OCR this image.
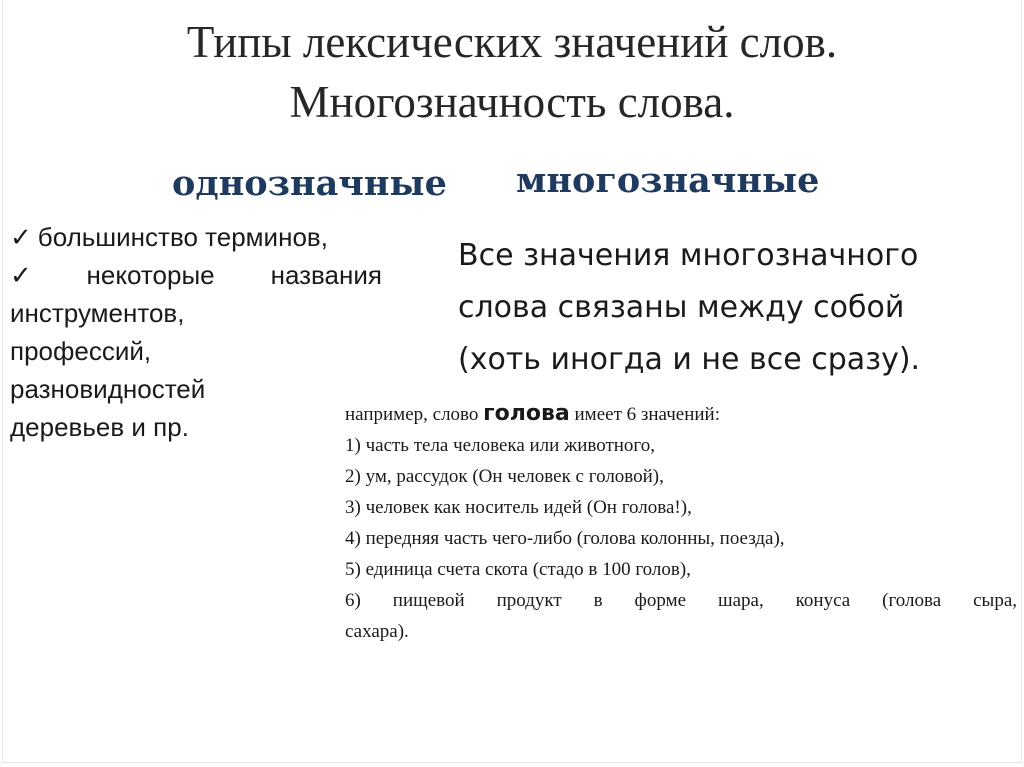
Типы лексических значений слов.
Многозначность слова.
однозначные многозначные

✓ большинство терминов,

✓ некоторые названия

инструментов,

профессий,

разновидностей

деревьев и пр.

Все значения многозначного слова связаны между собой (хоть иногда и не все сразу).

например, слово голова имеет 6 значений:

1) часть тела человека или животного,

2) ум, рассудок (Он человек с головой),

3) человек как носитель идей (Он голова!),

4) передняя часть чего-либо (голова колонны, поезда),

5) единица счета скота (стадо в 100 голов),

6) пищевой продукт в форме шара, конуса (голова сыра,

сахара).
